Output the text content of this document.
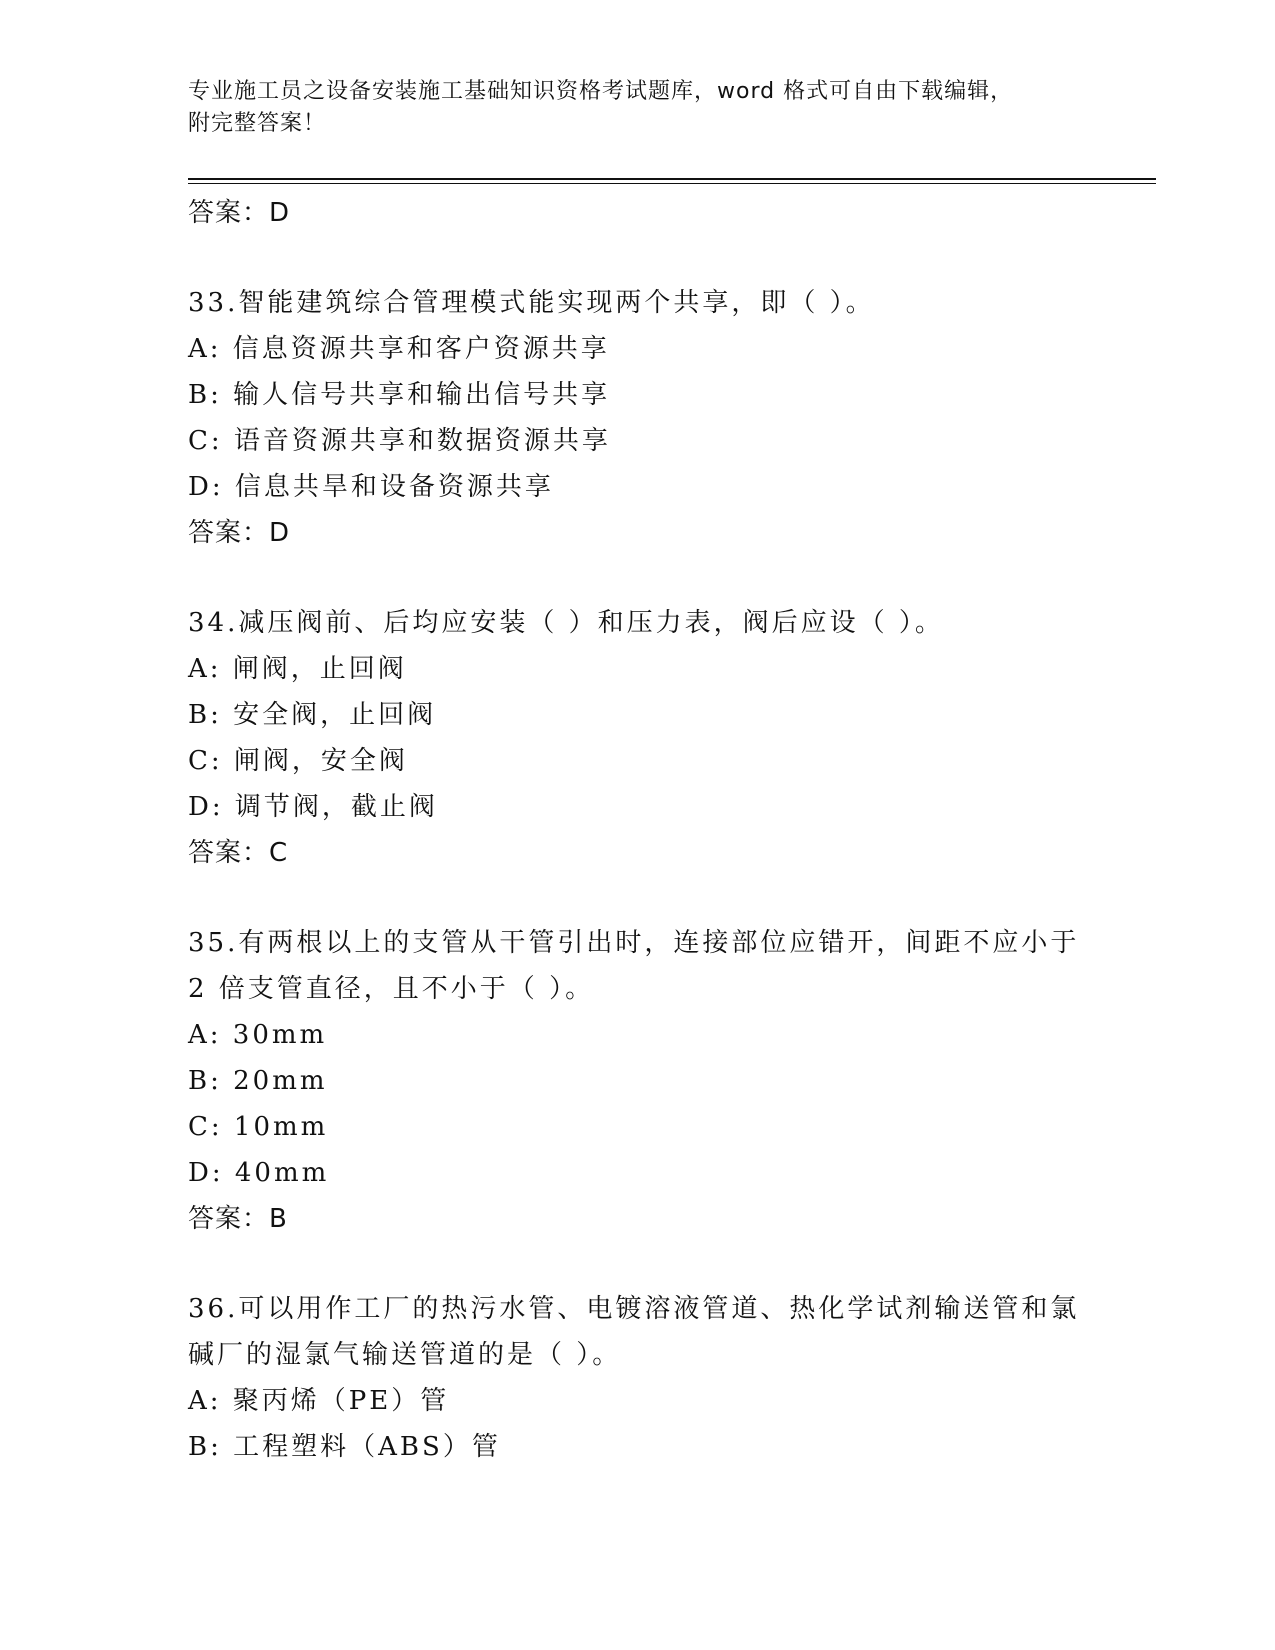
专业施工员之设备安装施工基础知识资格考试题库，word 格式可自由下载编辑，
附完整答案！
答案：D
33.智能建筑综合管理模式能实现两个共享，即（ ）。
A: 信息资源共享和客户资源共享
B: 输人信号共享和输出信号共享
C: 语音资源共享和数据资源共享
D: 信息共旱和设备资源共享
答案：D
34.减压阀前、后均应安装（ ）和压力表，阀后应设（ ）。
A: 闸阀，止回阀
B: 安全阀，止回阀
C: 闸阀，安全阀
D: 调节阀，截止阀
答案：C
35.有两根以上的支管从干管引出时，连接部位应错开，间距不应小于
2 倍支管直径，且不小于（ ）。
A: 30mm
B: 20mm
C: 10mm
D: 40mm
答案：B
36.可以用作工厂的热污水管、电镀溶液管道、热化学试剂输送管和氯
碱厂的湿氯气输送管道的是（ ）。
A: 聚丙烯（PE）管
B: 工程塑料（ABS）管
